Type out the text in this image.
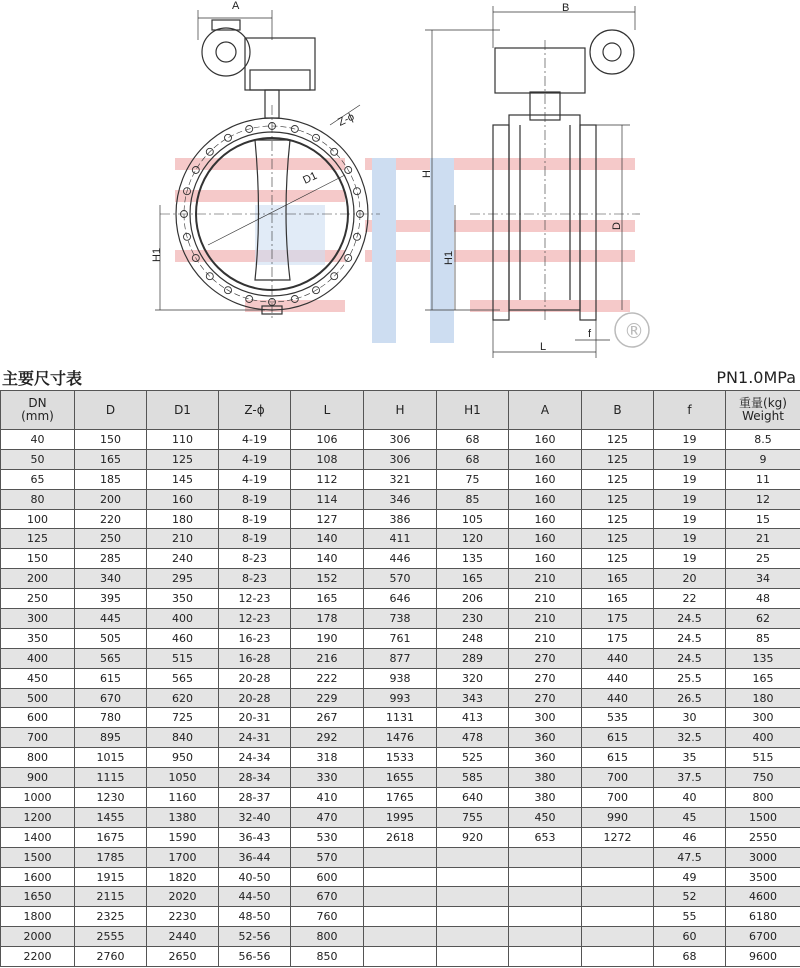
A	B
Z-ϕ
D1
H1
H
H1
D
L
f ®
主要尺寸表	PN1.0MPa
DN
(mm)	D	D1	Z-ϕ	L	H	H1	A	B	f	重量(kg)
Weight
40	150	110	4-19	106	306	68	160	125	19	8.5
50	165	125	4-19	108	306	68	160	125	19	9
65	185	145	4-19	112	321	75	160	125	19	11
80	200	160	8-19	114	346	85	160	125	19	12
100	220	180	8-19	127	386	105	160	125	19	15
125	250	210	8-19	140	411	120	160	125	19	21
150	285	240	8-23	140	446	135	160	125	19	25
200	340	295	8-23	152	570	165	210	165	20	34
250	395	350	12-23	165	646	206	210	165	22	48
300	445	400	12-23	178	738	230	210	175	24.5	62
350	505	460	16-23	190	761	248	210	175	24.5	85
400	565	515	16-28	216	877	289	270	440	24.5	135
450	615	565	20-28	222	938	320	270	440	25.5	165
500	670	620	20-28	229	993	343	270	440	26.5	180
600	780	725	20-31	267	1131	413	300	535	30	300
700	895	840	24-31	292	1476	478	360	615	32.5	400
800	1015	950	24-34	318	1533	525	360	615	35	515
900	1115	1050	28-34	330	1655	585	380	700	37.5	750
1000	1230	1160	28-37	410	1765	640	380	700	40	800
1200	1455	1380	32-40	470	1995	755	450	990	45	1500
1400	1675	1590	36-43	530	2618	920	653	1272	46	2550
1500	1785	1700	36-44	570					47.5	3000
1600	1915	1820	40-50	600					49	3500
1650	2115	2020	44-50	670					52	4600
1800	2325	2230	48-50	760					55	6180
2000	2555	2440	52-56	800					60	6700
2200	2760	2650	56-56	850					68	9600
